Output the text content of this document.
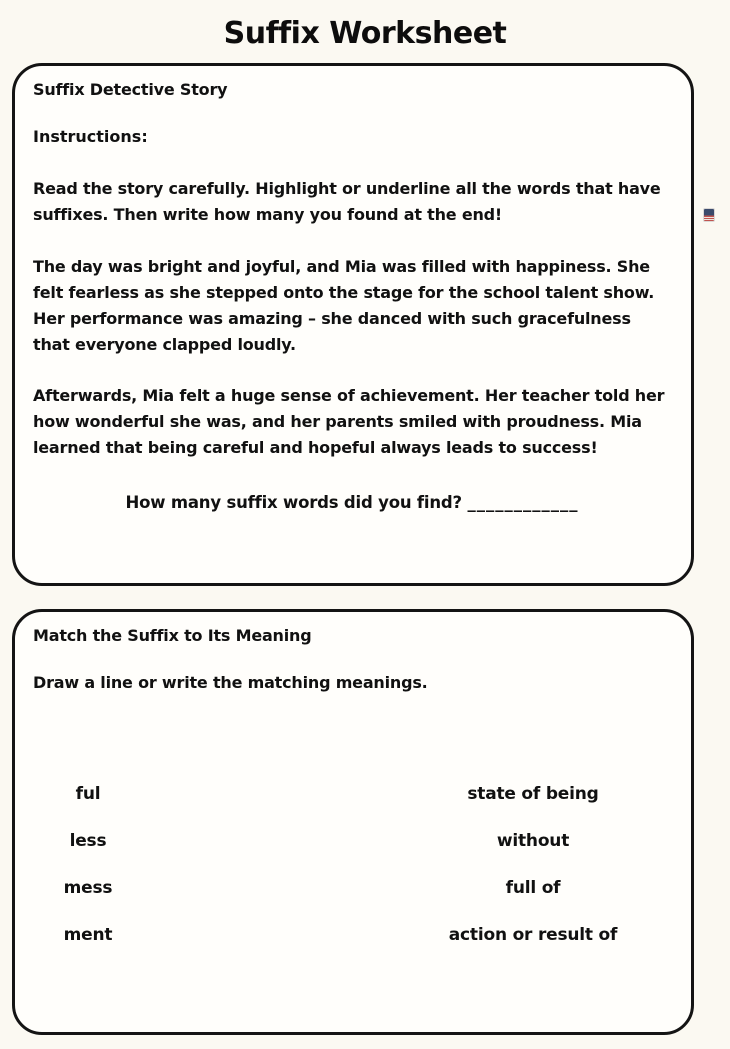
Suffix Worksheet
Suffix Detective Story
Instructions:

Read the story carefully. Highlight or underline all the words that have suffixes. Then write how many you found at the end!

The day was bright and joyful, and Mia was filled with happiness. She felt fearless as she stepped onto the stage for the school talent show. Her performance was amazing – she danced with such gracefulness that everyone clapped loudly.

Afterwards, Mia felt a huge sense of achievement. Her teacher told her how wonderful she was, and her parents smiled with proudness. Mia learned that being careful and hopeful always leads to success!

How many suffix words did you find? ____________
Match the Suffix to Its Meaning
Draw a line or write the matching meanings.
ful	state of being
less	without
mess	full of
ment	action or result of
